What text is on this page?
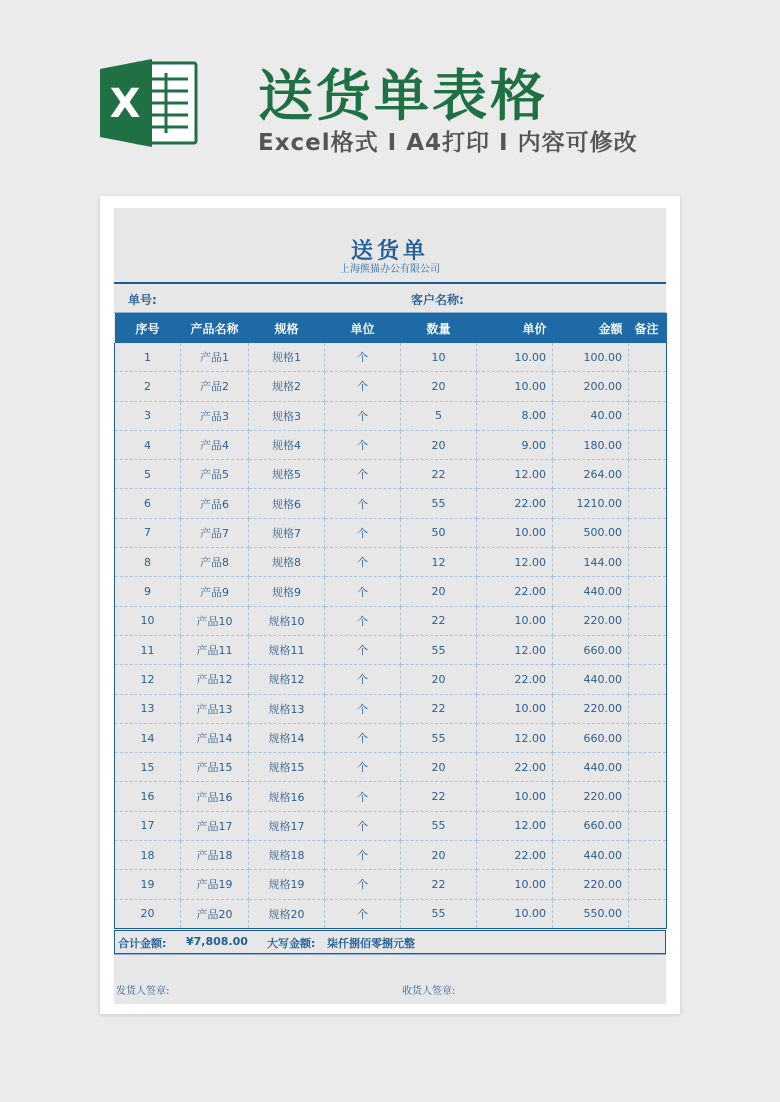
X 送货单表格
Excel格式 I A4打印 I 内容可修改
送货单
上海熊猫办公有限公司
单号:	客户名称:
序号	产品名称	规格	单位	数量	单价	金额	备注
1	产品1	规格1	个	10	10.00	100.00	
2	产品2	规格2	个	20	10.00	200.00	
3	产品3	规格3	个	5	8.00	40.00	
4	产品4	规格4	个	20	9.00	180.00	
5	产品5	规格5	个	22	12.00	264.00	
6	产品6	规格6	个	55	22.00	1210.00	
7	产品7	规格7	个	50	10.00	500.00	
8	产品8	规格8	个	12	12.00	144.00	
9	产品9	规格9	个	20	22.00	440.00	
10	产品10	规格10	个	22	10.00	220.00	
11	产品11	规格11	个	55	12.00	660.00	
12	产品12	规格12	个	20	22.00	440.00	
13	产品13	规格13	个	22	10.00	220.00	
14	产品14	规格14	个	55	12.00	660.00	
15	产品15	规格15	个	20	22.00	440.00	
16	产品16	规格16	个	22	10.00	220.00	
17	产品17	规格17	个	55	12.00	660.00	
18	产品18	规格18	个	20	22.00	440.00	
19	产品19	规格19	个	22	10.00	220.00	
20	产品20	规格20	个	55	10.00	550.00	
合计金额: ¥7,808.00 大写金额: 柒仟捌佰零捌元整
发货人签章:	收货人签章:
